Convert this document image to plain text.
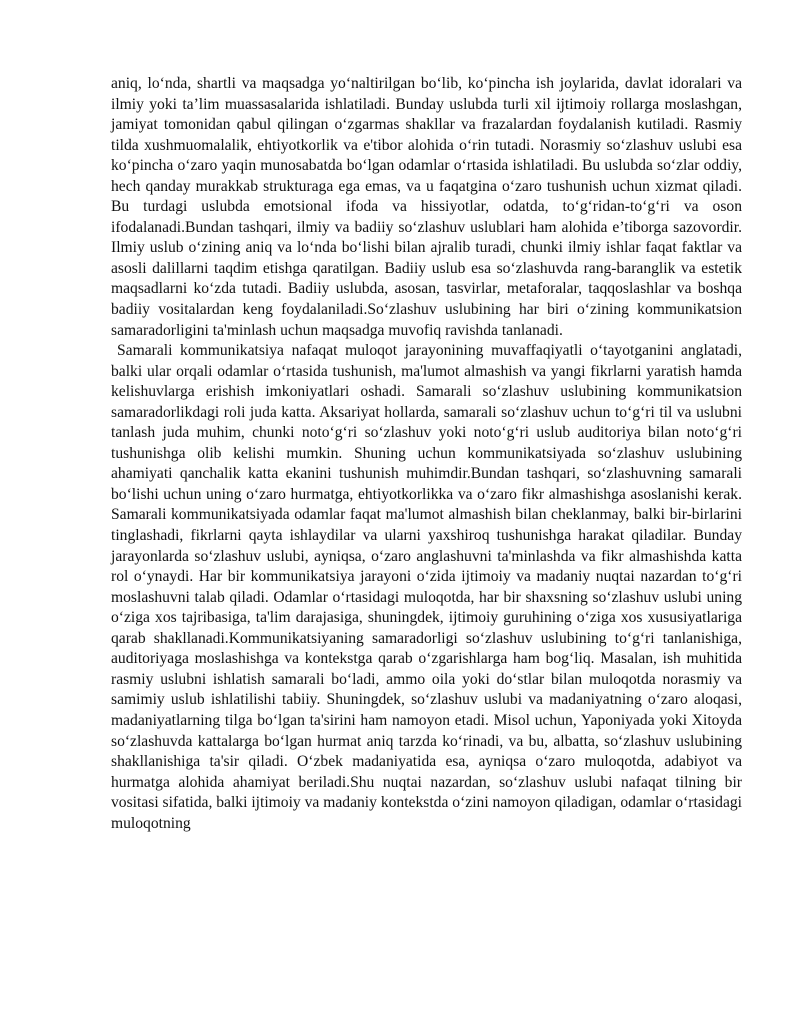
aniq, lo‘nda, shartli va maqsadga yo‘naltirilgan bo‘lib, ko‘pincha ish joylarida, davlat idoralari va ilmiy yoki ta’lim muassasalarida ishlatiladi. Bunday uslubda turli xil ijtimoiy rollarga moslashgan, jamiyat tomonidan qabul qilingan o‘zgarmas shakllar va frazalardan foydalanish kutiladi. Rasmiy tilda xushmuomalalik, ehtiyotkorlik va e'tibor alohida o‘rin tutadi. Norasmiy so‘zlashuv uslubi esa ko‘pincha o‘zaro yaqin munosabatda bo‘lgan odamlar o‘rtasida ishlatiladi. Bu uslubda so‘zlar oddiy, hech qanday murakkab strukturaga ega emas, va u faqatgina o‘zaro tushunish uchun xizmat qiladi. Bu turdagi uslubda emotsional ifoda va hissiyotlar, odatda, to‘g‘ridan-to‘g‘ri va oson ifodalanadi.Bundan tashqari, ilmiy va badiiy so‘zlashuv uslublari ham alohida e’tiborga sazovordir. Ilmiy uslub o‘zining aniq va lo‘nda bo‘lishi bilan ajralib turadi, chunki ilmiy ishlar faqat faktlar va asosli dalillarni taqdim etishga qaratilgan. Badiiy uslub esa so‘zlashuvda rang-baranglik va estetik maqsadlarni ko‘zda tutadi. Badiiy uslubda, asosan, tasvirlar, metaforalar, taqqoslashlar va boshqa badiiy vositalardan keng foydalaniladi.So‘zlashuv uslubining har biri o‘zining kommunikatsion samaradorligini ta'minlash uchun maqsadga muvofiq ravishda tanlanadi.

Samarali kommunikatsiya nafaqat muloqot jarayonining muvaffaqiyatli o‘tayotganini anglatadi, balki ular orqali odamlar o‘rtasida tushunish, ma'lumot almashish va yangi fikrlarni yaratish hamda kelishuvlarga erishish imkoniyatlari oshadi. Samarali so‘zlashuv uslubining kommunikatsion samaradorlikdagi roli juda katta. Aksariyat hollarda, samarali so‘zlashuv uchun to‘g‘ri til va uslubni tanlash juda muhim, chunki noto‘g‘ri so‘zlashuv yoki noto‘g‘ri uslub auditoriya bilan noto‘g‘ri tushunishga olib kelishi mumkin. Shuning uchun kommunikatsiyada so‘zlashuv uslubining ahamiyati qanchalik katta ekanini tushunish muhimdir.Bundan tashqari, so‘zlashuvning samarali bo‘lishi uchun uning o‘zaro hurmatga, ehtiyotkorlikka va o‘zaro fikr almashishga asoslanishi kerak. Samarali kommunikatsiyada odamlar faqat ma'lumot almashish bilan cheklanmay, balki bir-birlarini tinglashadi, fikrlarni qayta ishlaydilar va ularni yaxshiroq tushunishga harakat qiladilar. Bunday jarayonlarda so‘zlashuv uslubi, ayniqsa, o‘zaro anglashuvni ta'minlashda va fikr almashishda katta rol o‘ynaydi. Har bir kommunikatsiya jarayoni o‘zida ijtimoiy va madaniy nuqtai nazardan to‘g‘ri moslashuvni talab qiladi. Odamlar o‘rtasidagi muloqotda, har bir shaxsning so‘zlashuv uslubi uning o‘ziga xos tajribasiga, ta'lim darajasiga, shuningdek, ijtimoiy guruhining o‘ziga xos xususiyatlariga qarab shakllanadi.Kommunikatsiyaning samaradorligi so‘zlashuv uslubining to‘g‘ri tanlanishiga, auditoriyaga moslashishga va kontekstga qarab o‘zgarishlarga ham bog‘liq. Masalan, ish muhitida rasmiy uslubni ishlatish samarali bo‘ladi, ammo oila yoki do‘stlar bilan muloqotda norasmiy va samimiy uslub ishlatilishi tabiiy. Shuningdek, so‘zlashuv uslubi va madaniyatning o‘zaro aloqasi, madaniyatlarning tilga bo‘lgan ta'sirini ham namoyon etadi. Misol uchun, Yaponiyada yoki Xitoyda so‘zlashuvda kattalarga bo‘lgan hurmat aniq tarzda ko‘rinadi, va bu, albatta, so‘zlashuv uslubining shakllanishiga ta'sir qiladi. O‘zbek madaniyatida esa, ayniqsa o‘zaro muloqotda, adabiyot va hurmatga alohida ahamiyat beriladi.Shu nuqtai nazardan, so‘zlashuv uslubi nafaqat tilning bir vositasi sifatida, balki ijtimoiy va madaniy kontekstda o‘zini namoyon qiladigan, odamlar o‘rtasidagi muloqotning
